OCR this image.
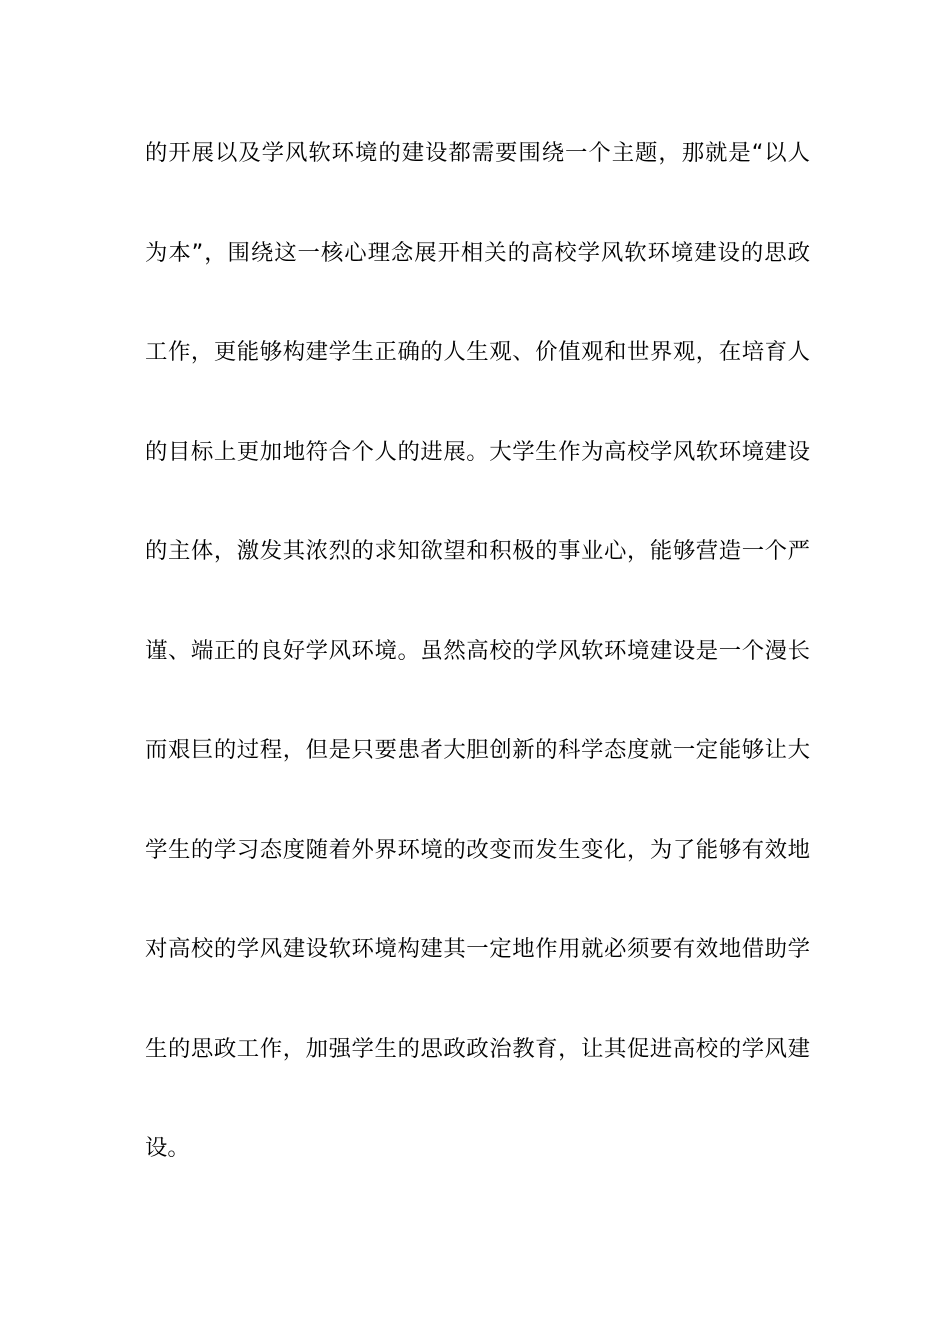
的开展以及学风软环境的建设都需要围绕一个主题，那就是“以人
为本”，围绕这一核心理念展开相关的高校学风软环境建设的思政
工作，更能够构建学生正确的人生观、价值观和世界观，在培育人
的目标上更加地符合个人的进展。大学生作为高校学风软环境建设
的主体，激发其浓烈的求知欲望和积极的事业心，能够营造一个严
谨、端正的良好学风环境。虽然高校的学风软环境建设是一个漫长
而艰巨的过程，但是只要患者大胆创新的科学态度就一定能够让大
学生的学习态度随着外界环境的改变而发生变化，为了能够有效地
对高校的学风建设软环境构建其一定地作用就必须要有效地借助学
生的思政工作，加强学生的思政政治教育，让其促进高校的学风建
设。
